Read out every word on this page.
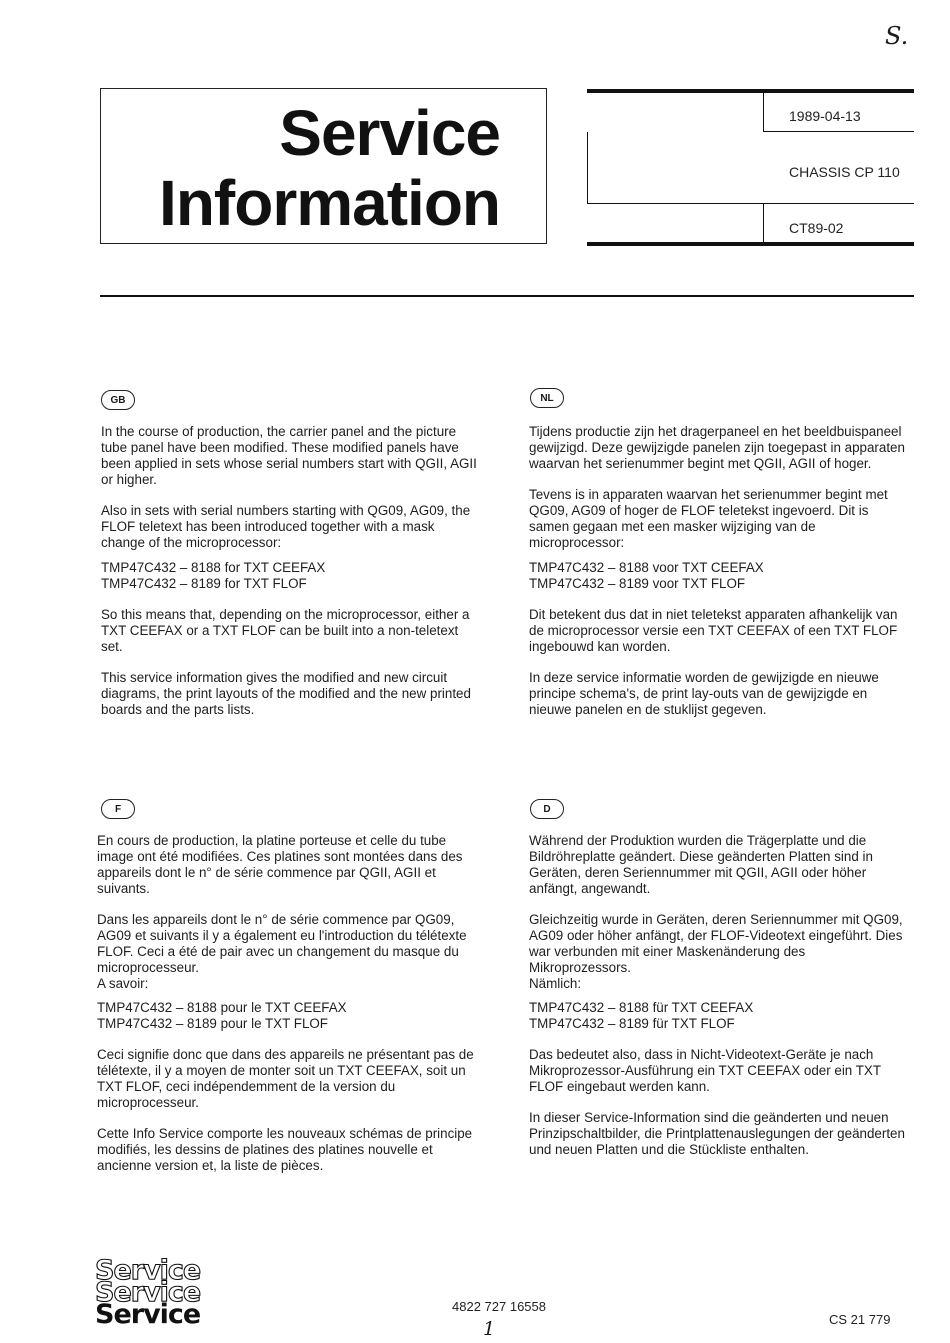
S.
Service
Information
1989-04-13
CHASSIS CP 110
CT89-02
GB

In the course of production, the carrier panel and the picture tube panel have been modified. These modified panels have been applied in sets whose serial numbers start with QGII, AGII or higher.

Also in sets with serial numbers starting with QG09, AG09, the FLOF teletext has been introduced together with a mask change of the microprocessor:

TMP47C432 – 8188 for TXT CEEFAX

TMP47C432 – 8189 for TXT FLOF

So this means that, depending on the microprocessor, either a TXT CEEFAX or a TXT FLOF can be built into a non-teletext set.

This service information gives the modified and new circuit diagrams, the print layouts of the modified and the new printed boards and the parts lists.

NL

Tijdens productie zijn het dragerpaneel en het beeldbuispaneel gewijzigd. Deze gewijzigde panelen zijn toegepast in apparaten waarvan het serienummer begint met QGII, AGII of hoger.

Tevens is in apparaten waarvan het serienummer begint met QG09, AG09 of hoger de FLOF teletekst ingevoerd. Dit is samen gegaan met een masker wijziging van de microprocessor:

TMP47C432 – 8188 voor TXT CEEFAX

TMP47C432 – 8189 voor TXT FLOF

Dit betekent dus dat in niet teletekst apparaten afhankelijk van de microprocessor versie een TXT CEEFAX of een TXT FLOF ingebouwd kan worden.

In deze service informatie worden de gewijzigde en nieuwe principe schema's, de print lay-outs van de gewijzigde en nieuwe panelen en de stuklijst gegeven.

F

En cours de production, la platine porteuse et celle du tube image ont été modifiées. Ces platines sont montées dans des appareils dont le n° de série commence par QGII, AGII et suivants.

Dans les appareils dont le n° de série commence par QG09, AG09 et suivants il y a également eu l'introduction du télétexte FLOF. Ceci a été de pair avec un changement du masque du microprocesseur.

A savoir:

TMP47C432 – 8188 pour le TXT CEEFAX

TMP47C432 – 8189 pour le TXT FLOF

Ceci signifie donc que dans des appareils ne présentant pas de télétexte, il y a moyen de monter soit un TXT CEEFAX, soit un TXT FLOF, ceci indépendemment de la version du microprocesseur.

Cette Info Service comporte les nouveaux schémas de principe modifiés, les dessins de platines des platines nouvelle et ancienne version et, la liste de pièces.

D

Während der Produktion wurden die Trägerplatte und die Bildröhreplatte geändert. Diese geänderten Platten sind in Geräten, deren Seriennummer mit QGII, AGII oder höher anfängt, angewandt.

Gleichzeitig wurde in Geräten, deren Seriennummer mit QG09, AG09 oder höher anfängt, der FLOF-Videotext eingeführt. Dies war verbunden mit einer Maskenänderung des Mikroprozessors.

Nämlich:

TMP47C432 – 8188 für TXT CEEFAX

TMP47C432 – 8189 für TXT FLOF

Das bedeutet also, dass in Nicht-Videotext-Geräte je nach Mikroprozessor-Ausführung ein TXT CEEFAX oder ein TXT FLOF eingebaut werden kann.

In dieser Service-Information sind die geänderten und neuen Prinzipschaltbilder, die Printplattenauslegungen der geänderten und neuen Platten und die Stückliste enthalten.

Service
Service
Service	4822 727 16558
1	CS 21 779
